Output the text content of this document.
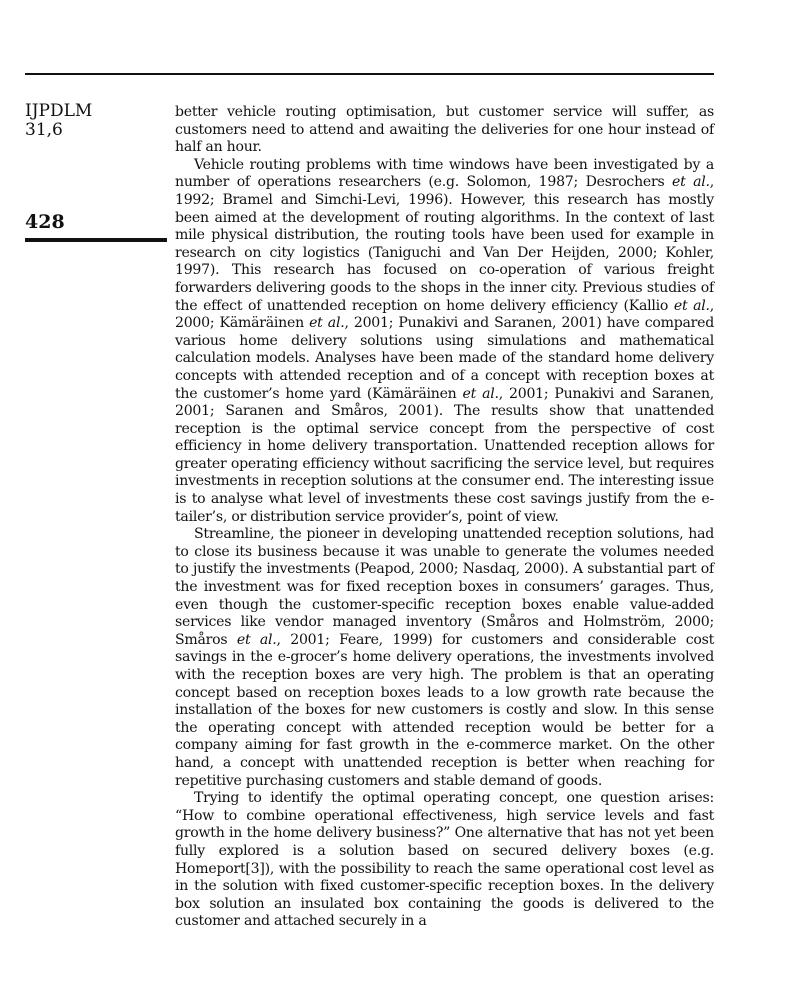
IJPDLM
31,6
428

better vehicle routing optimisation, but customer service will suffer, as customers need to attend and awaiting the deliveries for one hour instead of half an hour.

Vehicle routing problems with time windows have been investigated by a number of operations researchers (e.g. Solomon, 1987; Desrochers et al., 1992; Bramel and Simchi-Levi, 1996). However, this research has mostly been aimed at the development of routing algorithms. In the context of last mile physical distribution, the routing tools have been used for example in research on city logistics (Taniguchi and Van Der Heijden, 2000; Kohler, 1997). This research has focused on co-operation of various freight forwarders delivering goods to the shops in the inner city. Previous studies of the effect of unattended reception on home delivery efficiency (Kallio et al., 2000; Kämäräinen et al., 2001; Punakivi and Saranen, 2001) have compared various home delivery solutions using simulations and mathematical calculation models. Analyses have been made of the standard home delivery concepts with attended reception and of a concept with reception boxes at the customer’s home yard (Kämäräinen et al., 2001; Punakivi and Saranen, 2001; Saranen and Småros, 2001). The results show that unattended reception is the optimal service concept from the perspective of cost efficiency in home delivery transportation. Unattended reception allows for greater operating efficiency without sacrificing the service level, but requires investments in reception solutions at the consumer end. The interesting issue is to analyse what level of investments these cost savings justify from the e-tailer’s, or distribution service provider’s, point of view.

Streamline, the pioneer in developing unattended reception solutions, had to close its business because it was unable to generate the volumes needed to justify the investments (Peapod, 2000; Nasdaq, 2000). A substantial part of the investment was for fixed reception boxes in consumers’ garages. Thus, even though the customer-specific reception boxes enable value-added services like vendor managed inventory (Småros and Holmström, 2000; Småros et al., 2001; Feare, 1999) for customers and considerable cost savings in the e-grocer’s home delivery operations, the investments involved with the reception boxes are very high. The problem is that an operating concept based on reception boxes leads to a low growth rate because the installation of the boxes for new customers is costly and slow. In this sense the operating concept with attended reception would be better for a company aiming for fast growth in the e-commerce market. On the other hand, a concept with unattended reception is better when reaching for repetitive purchasing customers and stable demand of goods.

Trying to identify the optimal operating concept, one question arises: “How to combine operational effectiveness, high service levels and fast growth in the home delivery business?” One alternative that has not yet been fully explored is a solution based on secured delivery boxes (e.g. Homeport[3]), with the possibility to reach the same operational cost level as in the solution with fixed customer-specific reception boxes. In the delivery box solution an insulated box containing the goods is delivered to the customer and attached securely in a
